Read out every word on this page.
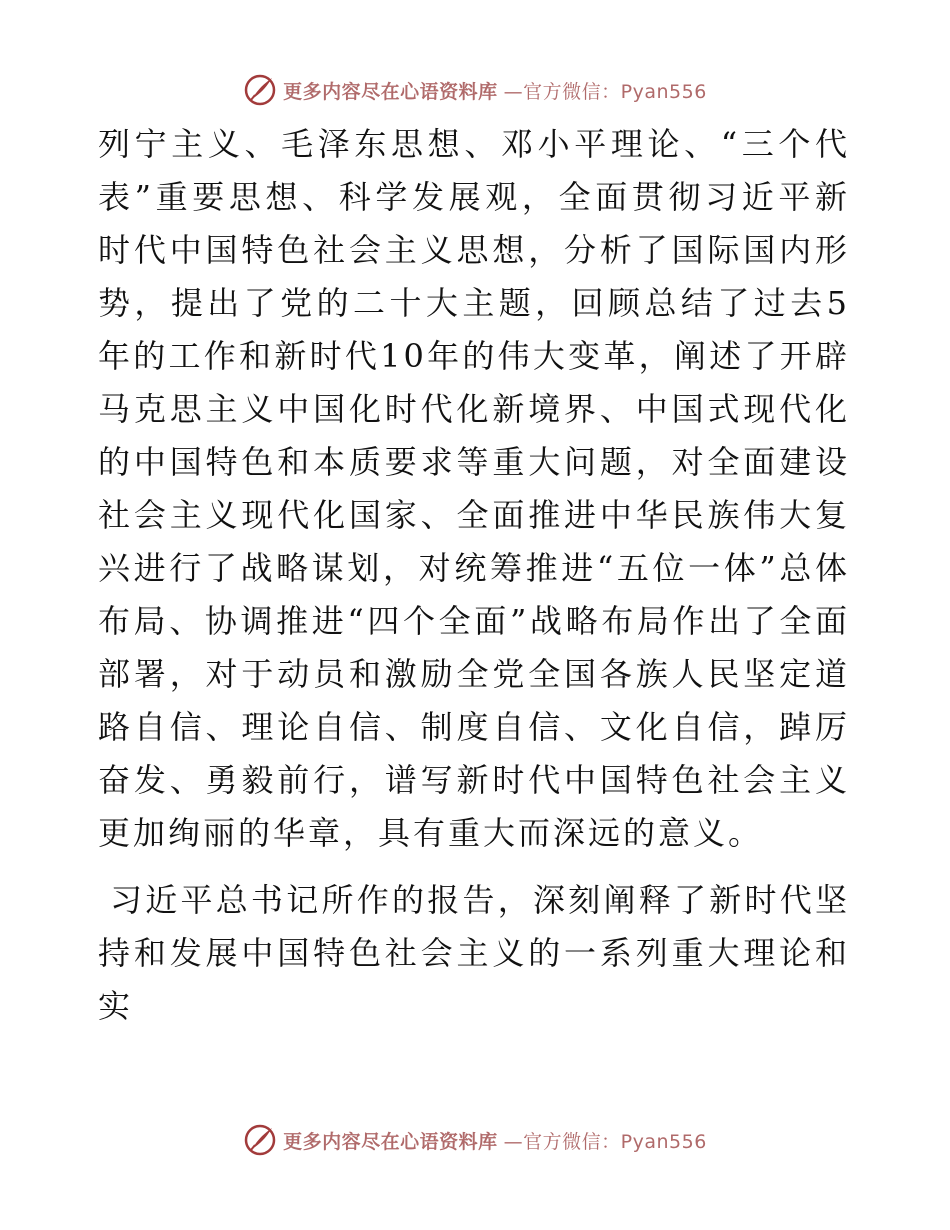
更多内容尽在心语资料库 —官方微信：Pyan556

列宁主义、毛泽东思想、邓小平理论、“三个代表”重要思想、科学发展观，全面贯彻习近平新时代中国特色社会主义思想，分析了国际国内形势，提出了党的二十大主题，回顾总结了过去5年的工作和新时代10年的伟大变革，阐述了开辟马克思主义中国化时代化新境界、中国式现代化的中国特色和本质要求等重大问题，对全面建设社会主义现代化国家、全面推进中华民族伟大复兴进行了战略谋划，对统筹推进“五位一体”总体布局、协调推进“四个全面”战略布局作出了全面部署，对于动员和激励全党全国各族人民坚定道路自信、理论自信、制度自信、文化自信，踔厉奋发、勇毅前行，谱写新时代中国特色社会主义更加绚丽的华章，具有重大而深远的意义。

习近平总书记所作的报告，深刻阐释了新时代坚持和发展中国特色社会主义的一系列重大理论和实

更多内容尽在心语资料库 —官方微信：Pyan556
